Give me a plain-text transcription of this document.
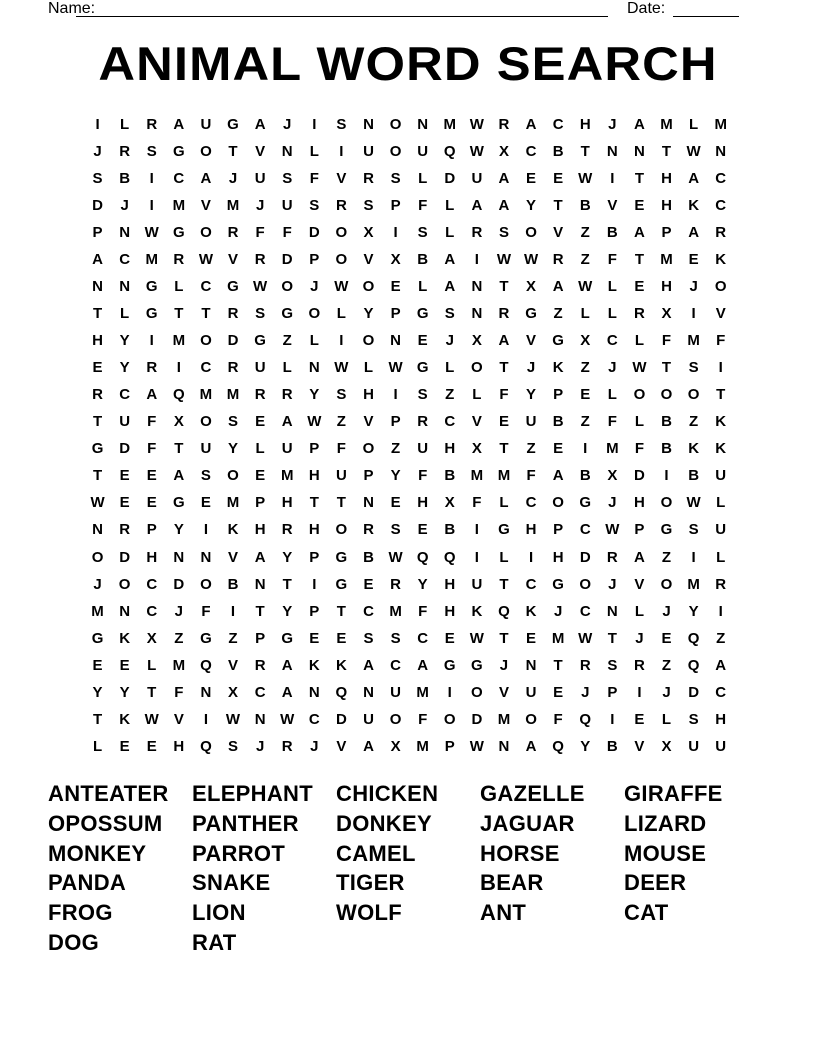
Name:	Date:
ANIMAL WORD SEARCH
I	L	R	A	U	G	A	J	I	S	N	O	N	M W R	A	C	H	J	A	M	L	M
J	R	S	G	O	T	V	N	L	I	U	O	U	Q W	X	C	B	T	N	N	T	W N
S	B	I	C	A	J	U	S	F	V	R	S	L	D	U	A	E	E	W	I	T	H	A	C
D	J	I	M	V	M	J	U	S	R	S	P	F	L	A	A	Y	T	B	V	E	H	K	C
P	N W G	O	R	F	F	D	O	X	I	S	L	R	S	O	V	Z	B	A	P	A	R
A	C	M	R W	V	R	D	P	O	V	X	B	A	I	W W R	Z	F	T	M	E	K
N	N	G	L	C	G W O	J	W O	E	L	A	N	T	X	A W	L	E	H	J	O
T	L	G	T	T	R	S	G	O	L	Y	P	G	S	N	R	G	Z	L	L	R	X	I	V
H	Y	I	M	O	D	G	Z	L	I	O	N	E	J	X	A	V	G	X	C	L	F	M	F
E	Y	R	I	C	R	U	L	N W	L	W G	L	O	T	J	K	Z	J	W	T	S	I
R	C	A	Q	M M	R	R	Y	S	H	I	S	Z	L	F	Y	P	E	L	O	O	O	T
T	U	F	X	O	S	E	A W	Z	V	P	R	C	V	E	U	B	Z	F	L	B	Z	K
G	D	F	T	U	Y	L	U	P	F	O	Z	U	H	X	T	Z	E	I	M	F	B	K	K
T	E	E	A	S	O	E	M	H	U	P	Y	F	B	M M	F	A	B	X	D	I	B	U
W	E	E	G	E	M	P	H	T	T	N	E	H	X	F	L	C	O	G	J	H	O W	L
N	R	P	Y	I	K	H	R	H	O	R	S	E	B	I	G	H	P	C W	P	G	S	U
O	D	H	N	N	V	A	Y	P	G	B W Q	Q	I	L	I	H	D	R	A	Z	I	L
J	O	C	D	O	B	N	T	I	G	E	R	Y	H	U	T	C	G	O	J	V	O	M	R
M	N	C	J	F	I	T	Y	P	T	C	M	F	H	K	Q	K	J	C	N	L	J	Y	I
G	K	X	Z	G	Z	P	G	E	E	S	S	C	E	W	T	E	M W	T	J	E	Q	Z
E	E	L	M	Q	V	R	A	K	K	A	C	A	G	G	J	N	T	R	S	R	Z	Q	A
Y	Y	T	F	N	X	C	A	N	Q	N	U	M	I	O	V	U	E	J	P	I	J	D	C
T	K W	V	I	W N W C	D	U	O	F	O	D	M	O	F	Q	I	E	L	S	H
L	E	E	H	Q	S	J	R	J	V	A	X	M	P	W N	A	Q	Y	B	V	X	U	U
ANTEATER	ELEPHANT	CHICKEN	GAZELLE	GIRAFFE
OPOSSUM	PANTHER	DONKEY	JAGUAR	LIZARD
MONKEY	PARROT	CAMEL	HORSE	MOUSE
PANDA	SNAKE	TIGER	BEAR	DEER
FROG	LION	WOLF	ANT	CAT
DOG	RAT
